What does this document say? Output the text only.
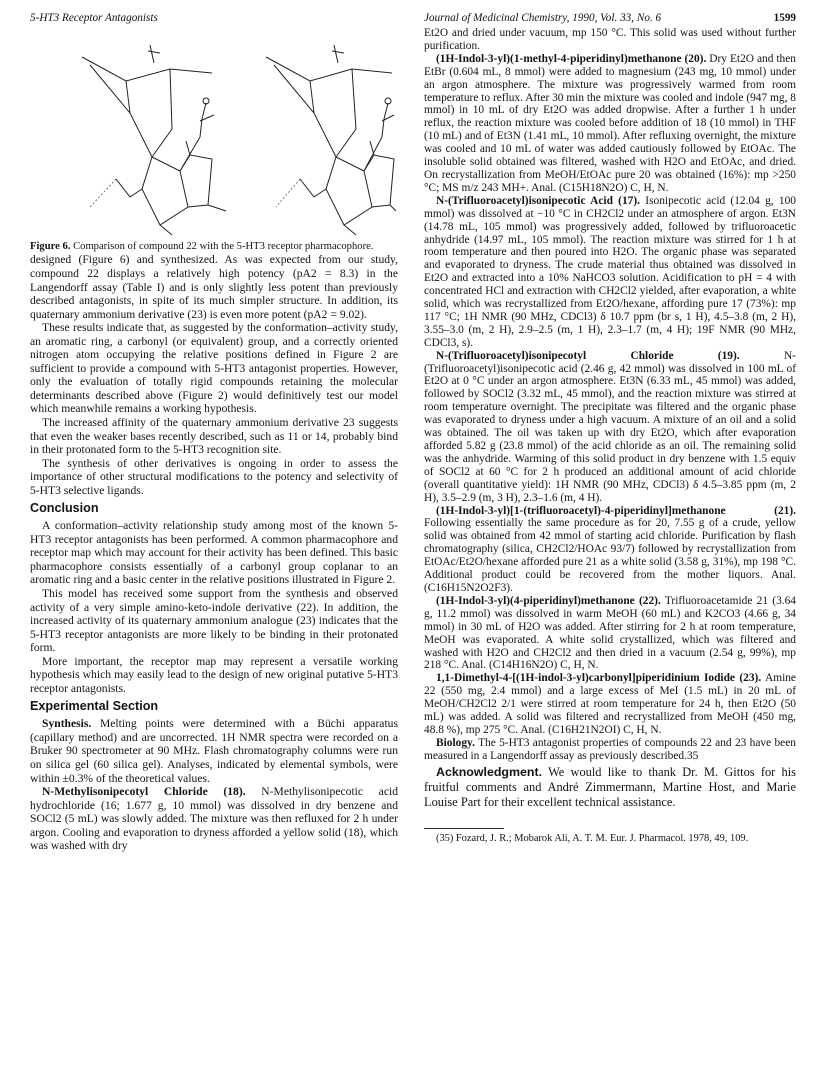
5-HT3 Receptor Antagonists	Journal of Medicinal Chemistry, 1990, Vol. 33, No. 6	1599

Figure 6. Comparison of compound 22 with the 5-HT3 receptor pharmacophore.

designed (Figure 6) and synthesized. As was expected from our study, compound 22 displays a relatively high potency (pA2 = 8.3) in the Langendorff assay (Table I) and is only slightly less potent than previously described antagonists, in spite of its much simpler structure. In addition, its quaternary ammonium derivative (23) is even more potent (pA2 = 9.02).

These results indicate that, as suggested by the conformation–activity study, an aromatic ring, a carbonyl (or equivalent) group, and a correctly oriented nitrogen atom occupying the relative positions defined in Figure 2 are sufficient to provide a compound with 5-HT3 antagonist properties. However, only the evaluation of totally rigid compounds retaining the molecular determinants described above (Figure 2) would definitively test our model which meanwhile remains a working hypothesis.

The increased affinity of the quaternary ammonium derivative 23 suggests that even the weaker bases recently described, such as 11 or 14, probably bind in their protonated form to the 5-HT3 recognition site.

The synthesis of other derivatives is ongoing in order to assess the importance of other structural modifications to the potency and selectivity of 5-HT3 selective ligands.

Conclusion

A conformation–activity relationship study among most of the known 5-HT3 receptor antagonists has been performed. A common pharmacophore and receptor map which may account for their activity has been defined. This basic pharmacophore consists essentially of a carbonyl group coplanar to an aromatic ring and a basic center in the relative positions illustrated in Figure 2.

This model has received some support from the synthesis and observed activity of a very simple amino-keto-indole derivative (22). In addition, the increased activity of its quaternary ammonium analogue (23) indicates that the 5-HT3 receptor antagonists are more likely to be binding in their protonated form.

More important, the receptor map may represent a versatile working hypothesis which may easily lead to the design of new original putative 5-HT3 receptor antagonists.

Experimental Section

Synthesis. Melting points were determined with a Büchi apparatus (capillary method) and are uncorrected. 1H NMR spectra were recorded on a Bruker 90 spectrometer at 90 MHz. Flash chromatography columns were run on silica gel (60 silica gel). Analyses, indicated by elemental symbols, were within ±0.3% of the theoretical values.

N-Methylisonipecotyl Chloride (18). N-Methylisonipecotic acid hydrochloride (16; 1.677 g, 10 mmol) was dissolved in dry benzene and SOCl2 (5 mL) was slowly added. The mixture was then refluxed for 2 h under argon. Cooling and evaporation to dryness afforded a yellow solid (18), which was washed with dry

Et2O and dried under vacuum, mp 150 °C. This solid was used without further purification.

(1H-Indol-3-yl)(1-methyl-4-piperidinyl)methanone (20). Dry Et2O and then EtBr (0.604 mL, 8 mmol) were added to magnesium (243 mg, 10 mmol) under an argon atmosphere. The mixture was progressively warmed from room temperature to reflux. After 30 min the mixture was cooled and indole (947 mg, 8 mmol) in 10 mL of dry Et2O was added dropwise. After a further 1 h under reflux, the reaction mixture was cooled before addition of 18 (10 mmol) in THF (10 mL) and of Et3N (1.41 mL, 10 mmol). After refluxing overnight, the mixture was cooled and 10 mL of water was added cautiously followed by EtOAc. The insoluble solid obtained was filtered, washed with H2O and EtOAc, and dried. On recrystallization from MeOH/EtOAc pure 20 was obtained (16%): mp >250 °C; MS m/z 243 MH+. Anal. (C15H18N2O) C, H, N.

N-(Trifluoroacetyl)isonipecotic Acid (17). Isonipecotic acid (12.04 g, 100 mmol) was dissolved at −10 °C in CH2Cl2 under an atmosphere of argon. Et3N (14.78 mL, 105 mmol) was progressively added, followed by trifluoroacetic anhydride (14.97 mL, 105 mmol). The reaction mixture was stirred for 1 h at room temperature and then poured into H2O. The organic phase was separated and evaporated to dryness. The crude material thus obtained was dissolved in Et2O and extracted into a 10% NaHCO3 solution. Acidification to pH = 4 with concentrated HCl and extraction with CH2Cl2 yielded, after evaporation, a white solid, which was recrystallized from Et2O/hexane, affording pure 17 (73%): mp 117 °C; 1H NMR (90 MHz, CDCl3) δ 10.7 ppm (br s, 1 H), 4.5–3.8 (m, 2 H), 3.55–3.0 (m, 2 H), 2.9–2.5 (m, 1 H), 2.3–1.7 (m, 4 H); 19F NMR (90 MHz, CDCl3, s).

N-(Trifluoroacetyl)isonipecotyl Chloride (19).	N-(Trifluoroacetyl)isonipecotic acid (2.46 g, 42 mmol) was dissolved in 100 mL of Et2O at 0 °C under an argon atmosphere. Et3N (6.33 mL, 45 mmol) was added, followed by SOCl2 (3.32 mL, 45 mmol), and the reaction mixture was stirred at room temperature overnight. The precipitate was filtered and the organic phase was evaporated to dryness under a high vacuum. A mixture of an oil and a solid was obtained. The oil was taken up with dry Et2O, which after evaporation afforded 5.82 g (23.8 mmol) of the acid chloride as an oil. The remaining solid was the anhydride. Warming of this solid product in dry benzene with 1.5 equiv of SOCl2 at 60 °C for 2 h produced an additional amount of acid chloride (overall quantitative yield): 1H NMR (90 MHz, CDCl3) δ 4.5–3.85 ppm (m, 2 H), 3.5–2.9 (m, 3 H), 2.3–1.6 (m, 4 H).

(1H-Indol-3-yl)[1-(trifluoroacetyl)-4-piperidinyl]methanone (21). Following essentially the same procedure as for 20, 7.55 g of a crude, yellow solid was obtained from 42 mmol of starting acid chloride. Purification by flash chromatography (silica, CH2Cl2/HOAc 93/7) followed by recrystallization from EtOAc/Et2O/hexane afforded pure 21 as a white solid (3.58 g, 31%), mp 198 °C. Additional product could be recovered from the mother liquors. Anal. (C16H15N2O2F3).

(1H-Indol-3-yl)(4-piperidinyl)methanone (22). Trifluoroacetamide 21 (3.64 g, 11.2 mmol) was dissolved in warm MeOH (60 mL) and K2CO3 (4.66 g, 34 mmol) in 30 mL of H2O was added. After stirring for 2 h at room temperature, MeOH was evaporated. A white solid crystallized, which was filtered and washed with H2O and CH2Cl2 and then dried in a vacuum (2.54 g, 99%), mp 218 °C. Anal. (C14H16N2O) C, H, N.

1,1-Dimethyl-4-[(1H-indol-3-yl)carbonyl]piperidinium Iodide (23). Amine 22 (550 mg, 2.4 mmol) and a large excess of MeI (1.5 mL) in 20 mL of MeOH/CH2Cl2 2/1 were stirred at room temperature for 24 h, then Et2O (50 mL) was added. A solid was filtered and recrystallized from MeOH (450 mg, 48.8 %), mp 275 °C. Anal. (C16H21N2OI) C, H, N.

Biology. The 5-HT3 antagonist properties of compounds 22 and 23 have been measured in a Langendorff assay as previously described.35

Acknowledgment. We would like to thank Dr. M. Gittos for his fruitful comments and André Zimmermann, Martine Host, and Marie Louise Part for their excellent technical assistance.

(35) Fozard, J. R.; Mobarok Ali, A. T. M. Eur. J. Pharmacol. 1978, 49, 109.
